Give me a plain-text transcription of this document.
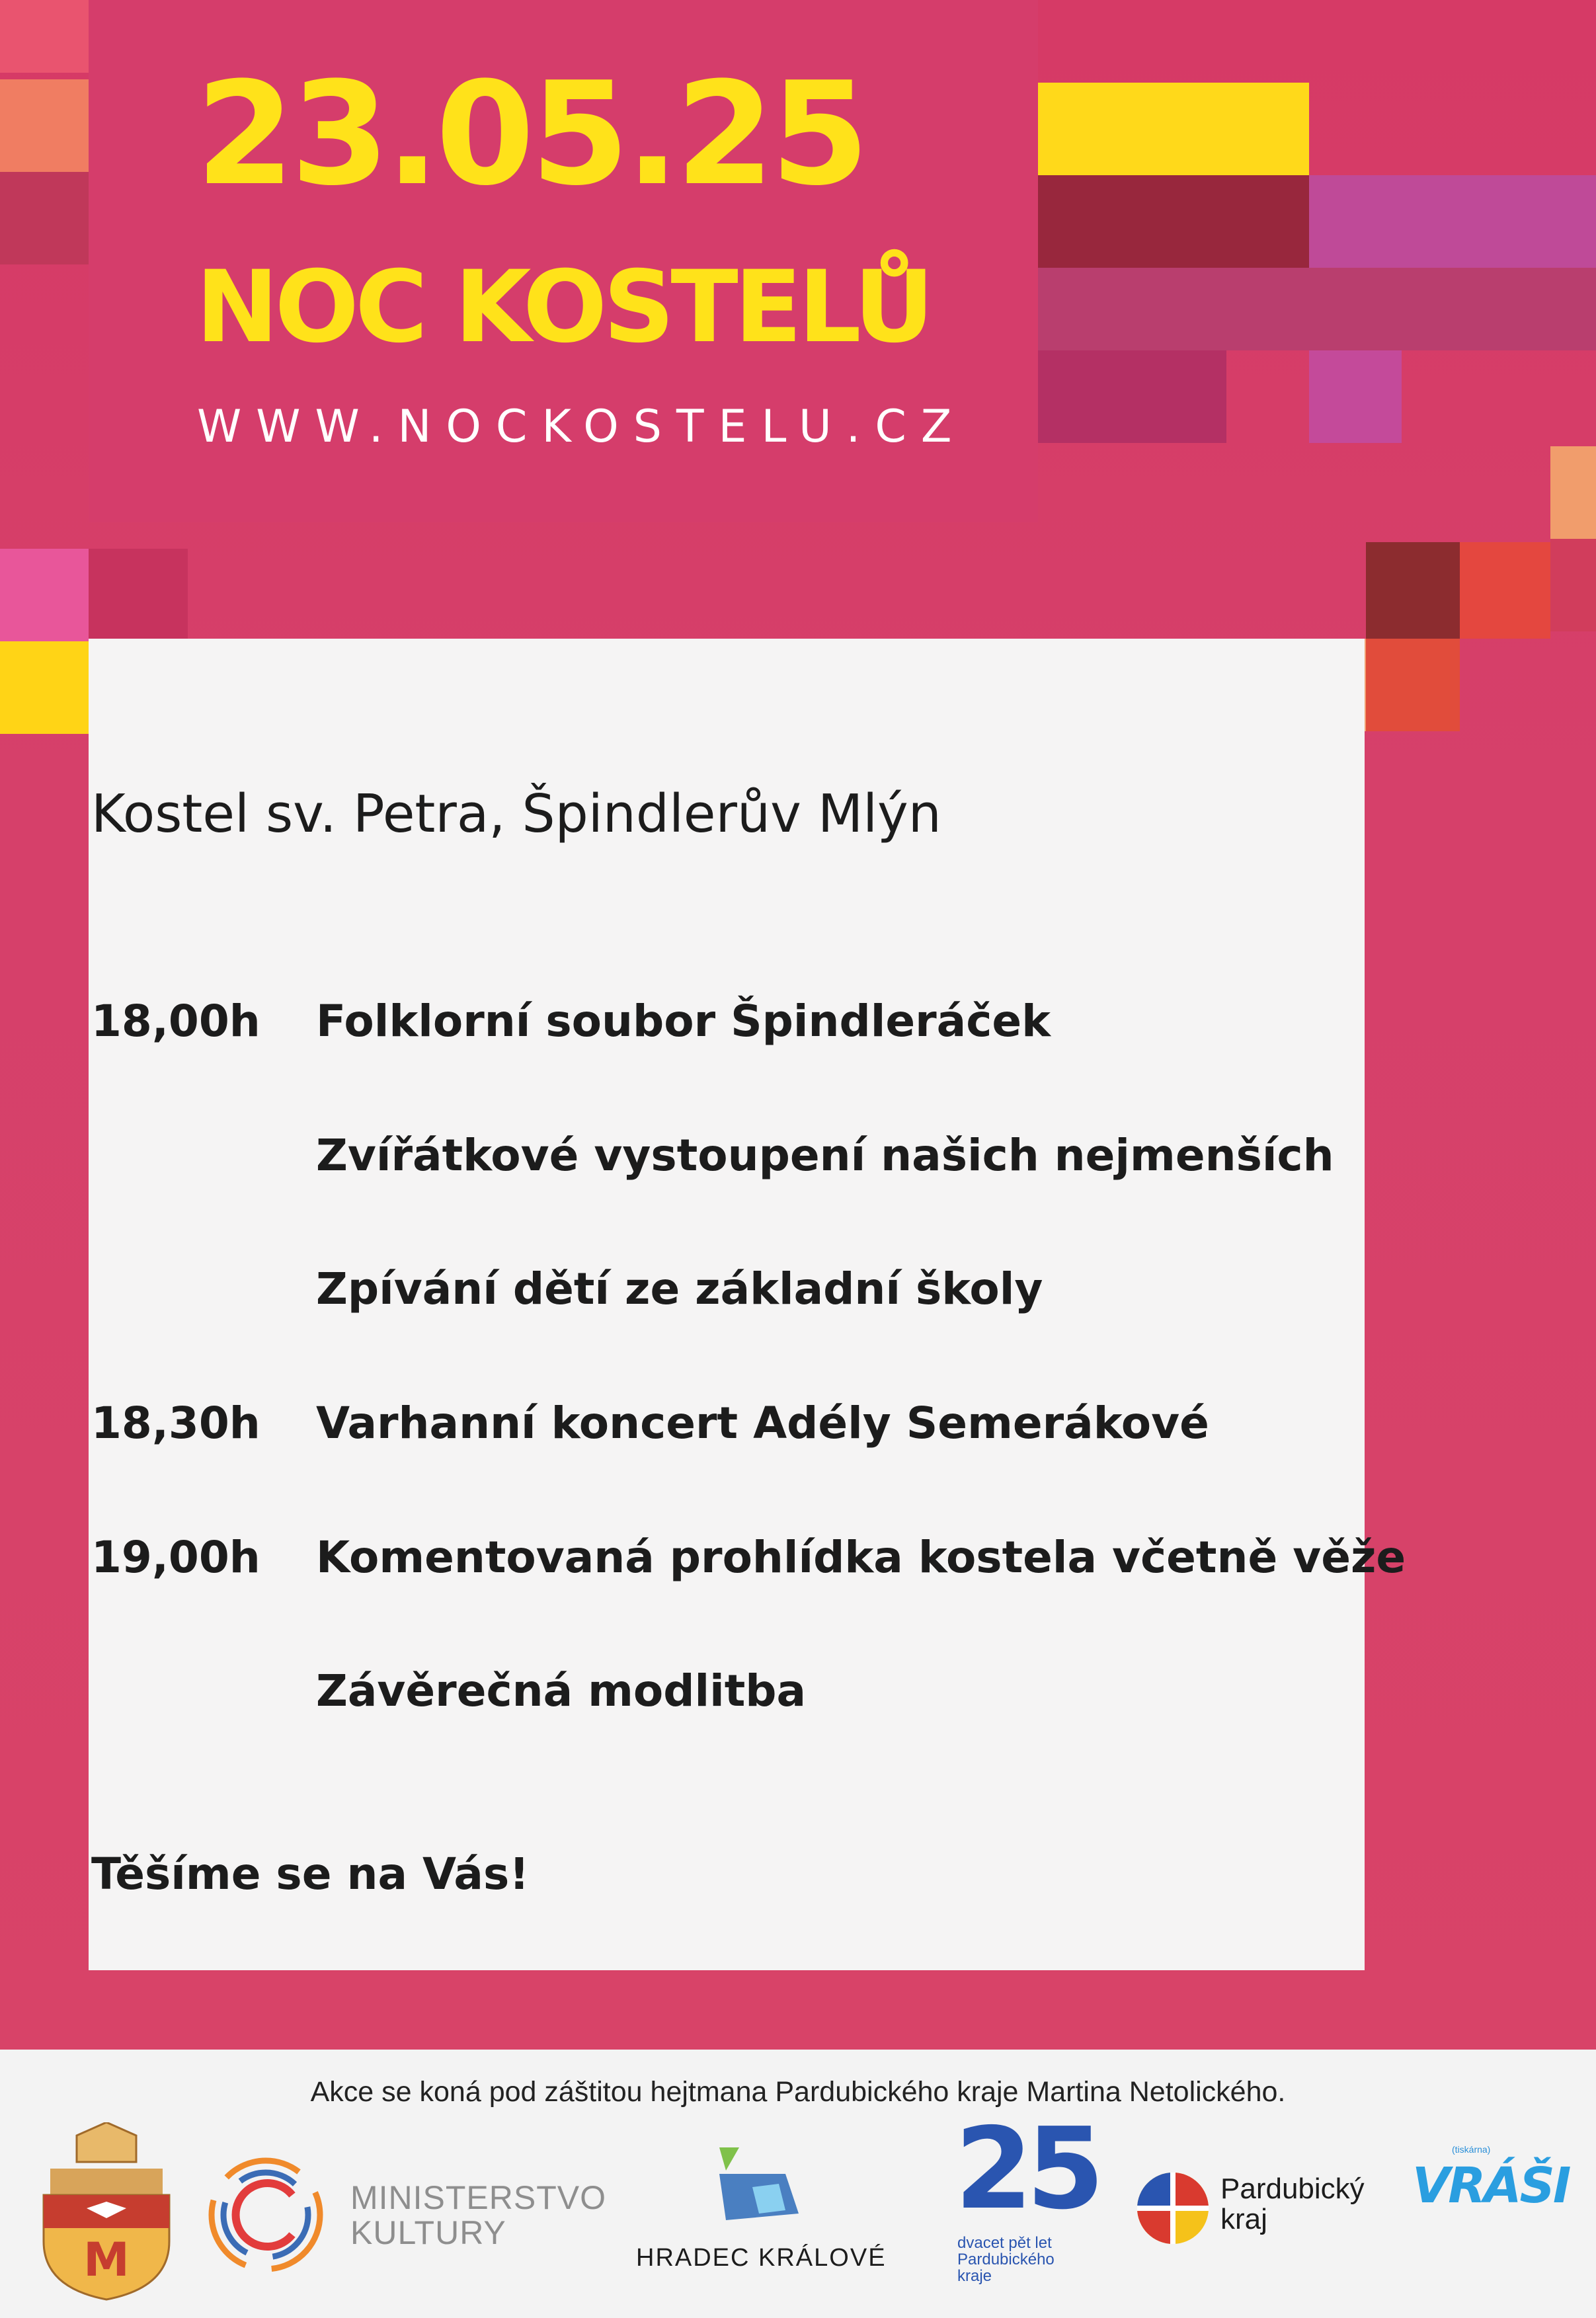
23.05.25
NOC KOSTELŮ
WWW.NOCKOSTELU.CZ
Kostel sv. Petra, Špindlerův Mlýn
18,00h Folklorní soubor Špindleráček
Zvířátkové vystoupení našich nejmenších
Zpívání dětí ze základní školy
18,30h Varhanní koncert Adély Semerákové
19,00h Komentovaná prohlídka kostela včetně věže
Závěrečná modlitba
Těšíme se na Vás!
Akce se koná pod záštitou hejtmana Pardubického kraje Martina Netolického.
M
MINISTERSTVO
KULTURY
HRADEC KRÁLOVÉ
25
dvacet pět let
Pardubického
kraje
Pardubický
kraj
(tiskárna)
VRÁŠI
